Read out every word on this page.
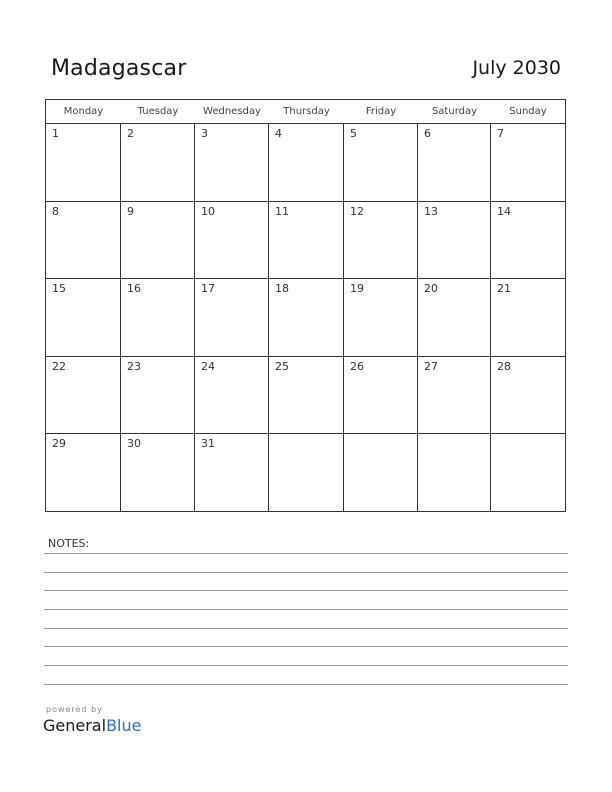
Madagascar	July 2030
Monday	Tuesday	Wednesday	Thursday	Friday	Saturday	Sunday
1	2	3	4	5	6	7
8	9	10	11	12	13	14
15	16	17	18	19	20	21
22	23	24	25	26	27	28
29	30	31
NOTES:
powered by
GeneralBlue
